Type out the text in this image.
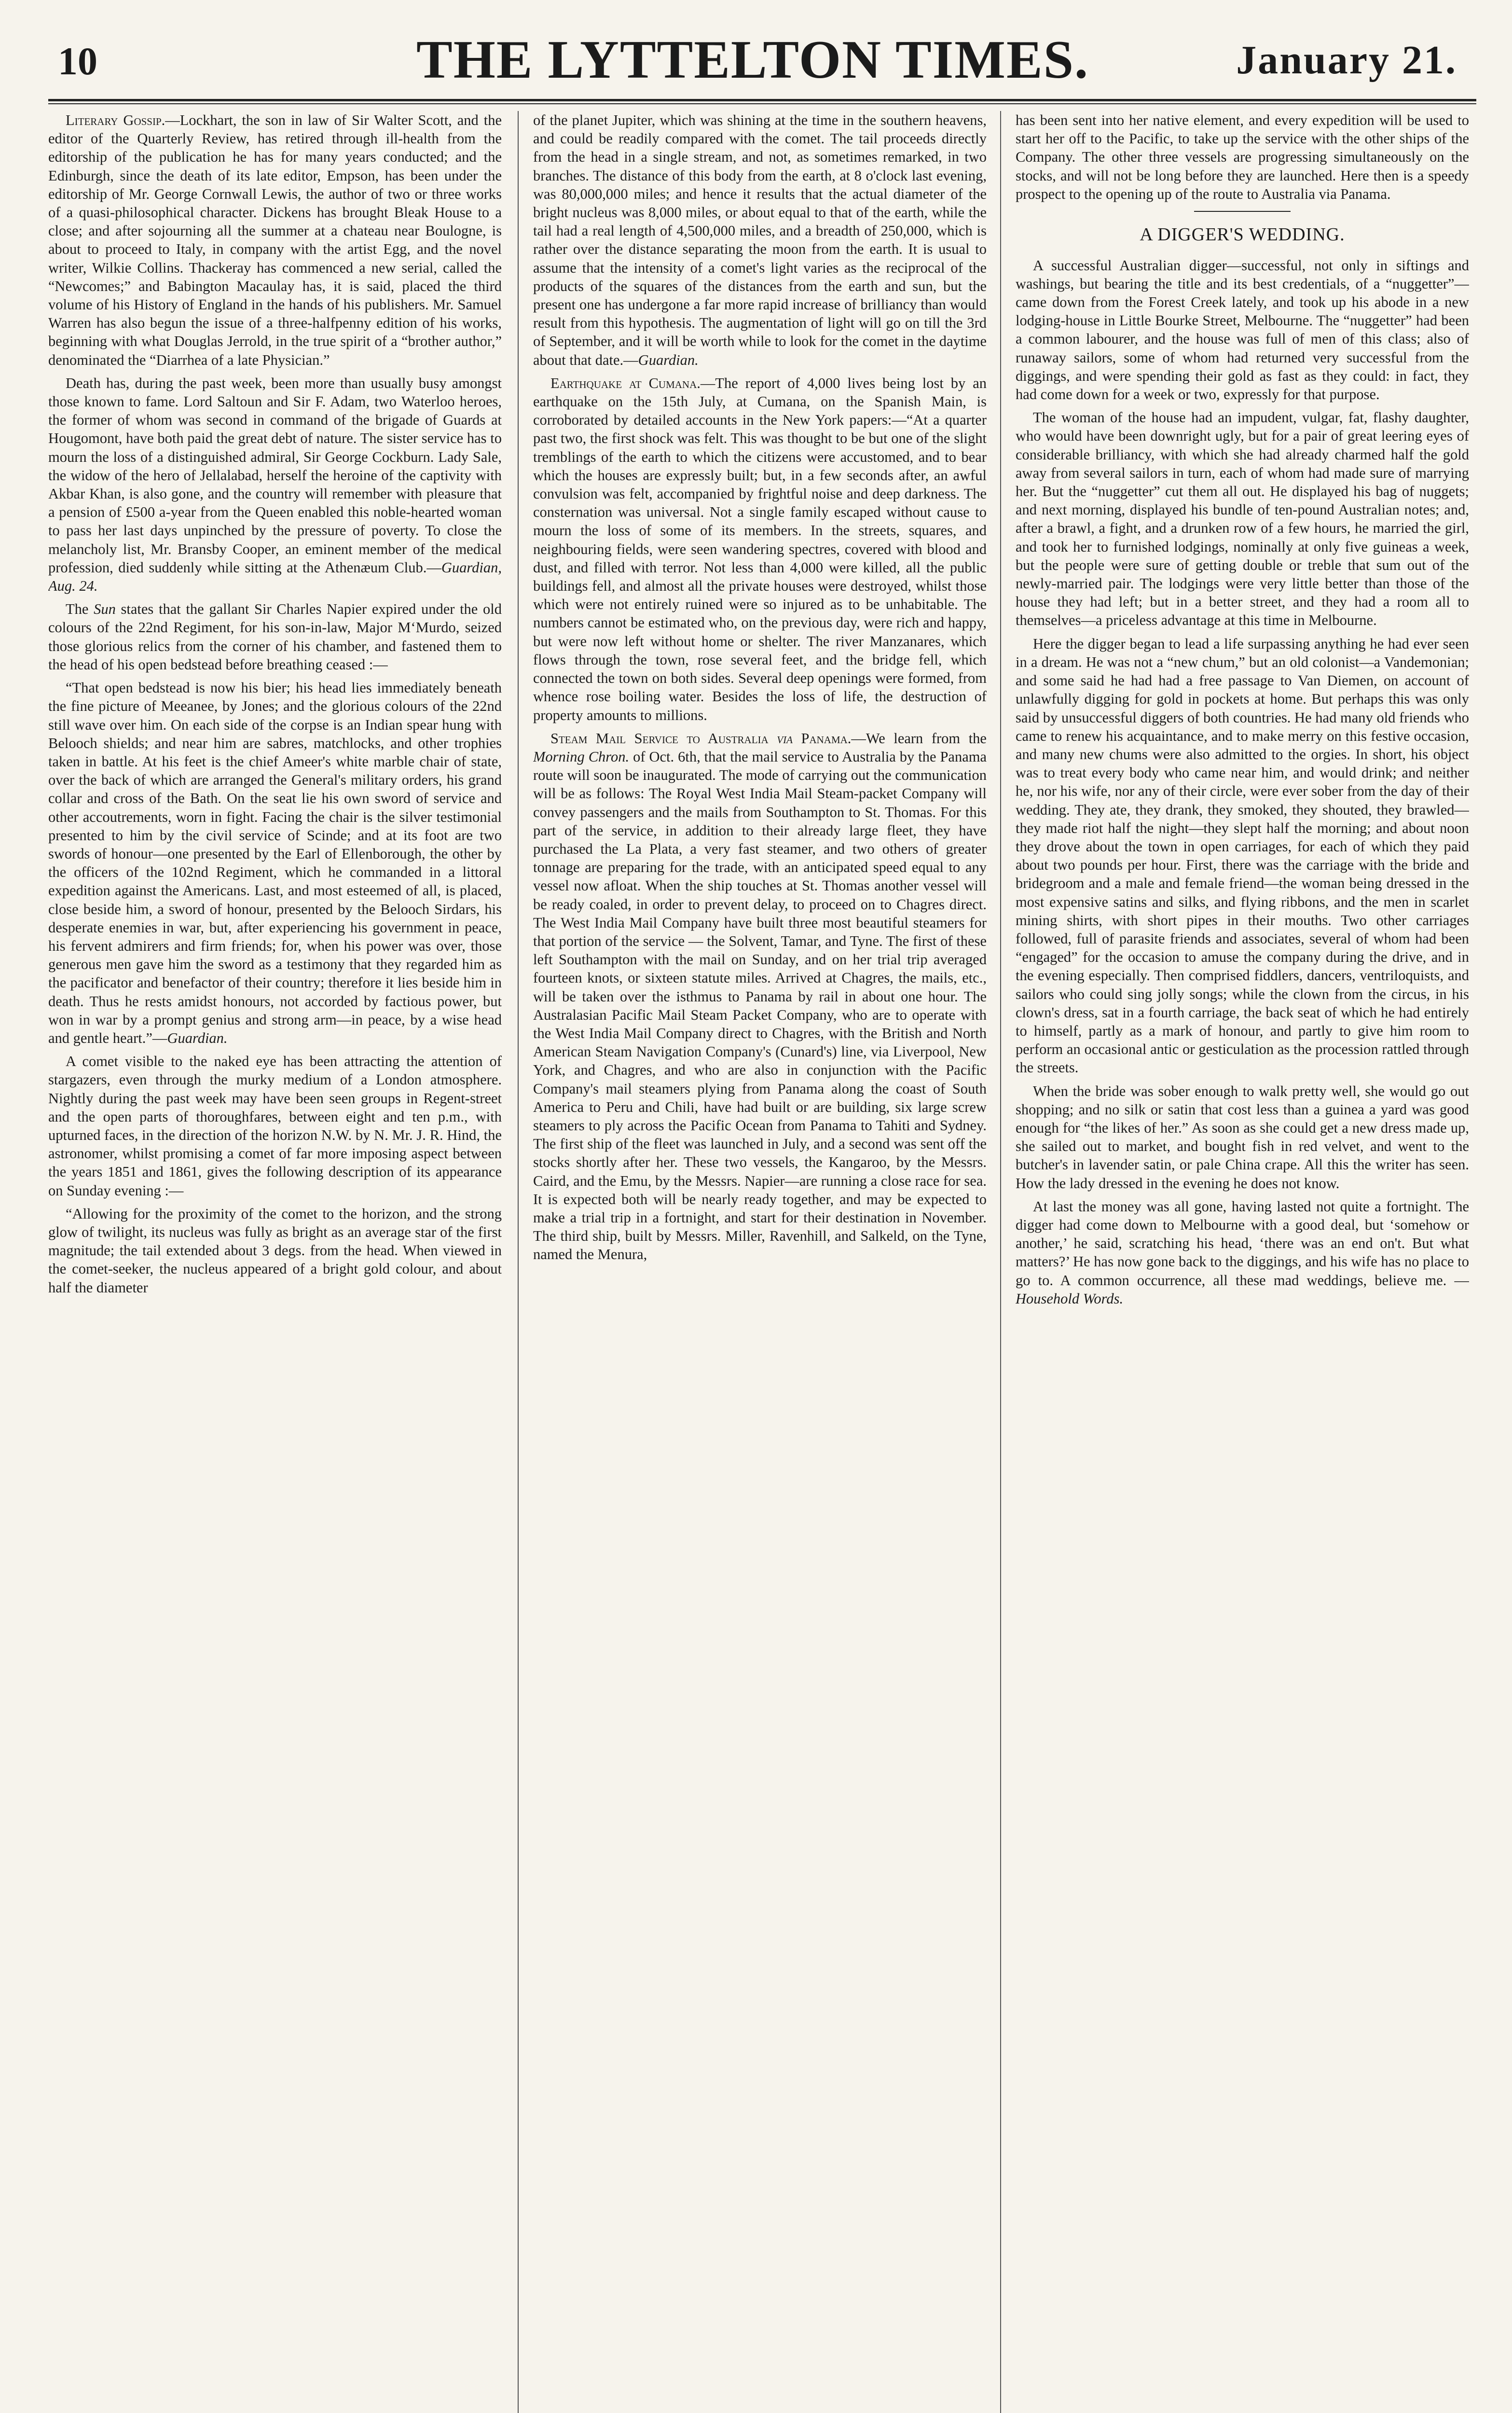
10	THE LYTTELTON TIMES.	January 21.

Literary Gossip.—Lockhart, the son in law of Sir Walter Scott, and the editor of the Quarterly Review, has retired through ill-health from the editorship of the publication he has for many years conducted; and the Edinburgh, since the death of its late editor, Empson, has been under the editorship of Mr. George Cornwall Lewis, the author of two or three works of a quasi-philosophical character. Dickens has brought Bleak House to a close; and after sojourning all the summer at a chateau near Boulogne, is about to proceed to Italy, in company with the artist Egg, and the novel writer, Wilkie Collins. Thackeray has commenced a new serial, called the “Newcomes;” and Babington Macaulay has, it is said, placed the third volume of his History of England in the hands of his publishers. Mr. Samuel Warren has also begun the issue of a three-halfpenny edition of his works, beginning with what Douglas Jerrold, in the true spirit of a “brother author,” denominated the “Diarrhea of a late Physician.”

Death has, during the past week, been more than usually busy amongst those known to fame. Lord Saltoun and Sir F. Adam, two Waterloo heroes, the former of whom was second in command of the brigade of Guards at Hougomont, have both paid the great debt of nature. The sister service has to mourn the loss of a distinguished admiral, Sir George Cockburn. Lady Sale, the widow of the hero of Jellalabad, herself the heroine of the captivity with Akbar Khan, is also gone, and the country will remember with pleasure that a pension of £500 a-year from the Queen enabled this noble-hearted woman to pass her last days unpinched by the pressure of poverty. To close the melancholy list, Mr. Bransby Cooper, an eminent member of the medical profession, died suddenly while sitting at the Athenæum Club.—Guardian, Aug. 24.

The Sun states that the gallant Sir Charles Napier expired under the old colours of the 22nd Regiment, for his son-in-law, Major M‘Murdo, seized those glorious relics from the corner of his chamber, and fastened them to the head of his open bedstead before breathing ceased :—

“That open bedstead is now his bier; his head lies immediately beneath the fine picture of Meeanee, by Jones; and the glorious colours of the 22nd still wave over him. On each side of the corpse is an Indian spear hung with Belooch shields; and near him are sabres, matchlocks, and other trophies taken in battle. At his feet is the chief Ameer's white marble chair of state, over the back of which are arranged the General's military orders, his grand collar and cross of the Bath. On the seat lie his own sword of service and other accoutrements, worn in fight. Facing the chair is the silver testimonial presented to him by the civil service of Scinde; and at its foot are two swords of honour—one presented by the Earl of Ellenborough, the other by the officers of the 102nd Regiment, which he commanded in a littoral expedition against the Americans. Last, and most esteemed of all, is placed, close beside him, a sword of honour, presented by the Belooch Sirdars, his desperate enemies in war, but, after experiencing his government in peace, his fervent admirers and firm friends; for, when his power was over, those generous men gave him the sword as a testimony that they regarded him as the pacificator and benefactor of their country; therefore it lies beside him in death. Thus he rests amidst honours, not accorded by factious power, but won in war by a prompt genius and strong arm—in peace, by a wise head and gentle heart.”—Guardian.

A comet visible to the naked eye has been attracting the attention of stargazers, even through the murky medium of a London atmosphere. Nightly during the past week may have been seen groups in Regent-street and the open parts of thoroughfares, between eight and ten p.m., with upturned faces, in the direction of the horizon N.W. by N. Mr. J. R. Hind, the astronomer, whilst promising a comet of far more imposing aspect between the years 1851 and 1861, gives the following description of its appearance on Sunday evening :—

“Allowing for the proximity of the comet to the horizon, and the strong glow of twilight, its nucleus was fully as bright as an average star of the first magnitude; the tail extended about 3 degs. from the head. When viewed in the comet-seeker, the nucleus appeared of a bright gold colour, and about half the diameter

of the planet Jupiter, which was shining at the time in the southern heavens, and could be readily compared with the comet. The tail proceeds directly from the head in a single stream, and not, as sometimes remarked, in two branches. The distance of this body from the earth, at 8 o'clock last evening, was 80,000,000 miles; and hence it results that the actual diameter of the bright nucleus was 8,000 miles, or about equal to that of the earth, while the tail had a real length of 4,500,000 miles, and a breadth of 250,000, which is rather over the distance separating the moon from the earth. It is usual to assume that the intensity of a comet's light varies as the reciprocal of the products of the squares of the distances from the earth and sun, but the present one has undergone a far more rapid increase of brilliancy than would result from this hypothesis. The augmentation of light will go on till the 3rd of September, and it will be worth while to look for the comet in the daytime about that date.—Guardian.

Earthquake at Cumana.—The report of 4,000 lives being lost by an earthquake on the 15th July, at Cumana, on the Spanish Main, is corroborated by detailed accounts in the New York papers:—“At a quarter past two, the first shock was felt. This was thought to be but one of the slight tremblings of the earth to which the citizens were accustomed, and to bear which the houses are expressly built; but, in a few seconds after, an awful convulsion was felt, accompanied by frightful noise and deep darkness. The consternation was universal. Not a single family escaped without cause to mourn the loss of some of its members. In the streets, squares, and neighbouring fields, were seen wandering spectres, covered with blood and dust, and filled with terror. Not less than 4,000 were killed, all the public buildings fell, and almost all the private houses were destroyed, whilst those which were not entirely ruined were so injured as to be unhabitable. The numbers cannot be estimated who, on the previous day, were rich and happy, but were now left without home or shelter. The river Manzanares, which flows through the town, rose several feet, and the bridge fell, which connected the town on both sides. Several deep openings were formed, from whence rose boiling water. Besides the loss of life, the destruction of property amounts to millions.

Steam Mail Service to Australia via Panama.—We learn from the Morning Chron. of Oct. 6th, that the mail service to Australia by the Panama route will soon be inaugurated. The mode of carrying out the communication will be as follows: The Royal West India Mail Steam-packet Company will convey passengers and the mails from Southampton to St. Thomas. For this part of the service, in addition to their already large fleet, they have purchased the La Plata, a very fast steamer, and two others of greater tonnage are preparing for the trade, with an anticipated speed equal to any vessel now afloat. When the ship touches at St. Thomas another vessel will be ready coaled, in order to prevent delay, to proceed on to Chagres direct. The West India Mail Company have built three most beautiful steamers for that portion of the service — the Solvent, Tamar, and Tyne. The first of these left Southampton with the mail on Sunday, and on her trial trip averaged fourteen knots, or sixteen statute miles. Arrived at Chagres, the mails, etc., will be taken over the isthmus to Panama by rail in about one hour. The Australasian Pacific Mail Steam Packet Company, who are to operate with the West India Mail Company direct to Chagres, with the British and North American Steam Navigation Company's (Cunard's) line, via Liverpool, New York, and Chagres, and who are also in conjunction with the Pacific Company's mail steamers plying from Panama along the coast of South America to Peru and Chili, have had built or are building, six large screw steamers to ply across the Pacific Ocean from Panama to Tahiti and Sydney. The first ship of the fleet was launched in July, and a second was sent off the stocks shortly after her. These two vessels, the Kangaroo, by the Messrs. Caird, and the Emu, by the Messrs. Napier—are running a close race for sea. It is expected both will be nearly ready together, and may be expected to make a trial trip in a fortnight, and start for their destination in November. The third ship, built by Messrs. Miller, Ravenhill, and Salkeld, on the Tyne, named the Menura,

has been sent into her native element, and every expedition will be used to start her off to the Pacific, to take up the service with the other ships of the Company. The other three vessels are progressing simultaneously on the stocks, and will not be long before they are launched. Here then is a speedy prospect to the opening up of the route to Australia via Panama.

A DIGGER'S WEDDING.

A successful Australian digger—successful, not only in siftings and washings, but bearing the title and its best credentials, of a “nuggetter”—came down from the Forest Creek lately, and took up his abode in a new lodging-house in Little Bourke Street, Melbourne. The “nuggetter” had been a common labourer, and the house was full of men of this class; also of runaway sailors, some of whom had returned very successful from the diggings, and were spending their gold as fast as they could: in fact, they had come down for a week or two, expressly for that purpose.

The woman of the house had an impudent, vulgar, fat, flashy daughter, who would have been downright ugly, but for a pair of great leering eyes of considerable brilliancy, with which she had already charmed half the gold away from several sailors in turn, each of whom had made sure of marrying her. But the “nuggetter” cut them all out. He displayed his bag of nuggets; and next morning, displayed his bundle of ten-pound Australian notes; and, after a brawl, a fight, and a drunken row of a few hours, he married the girl, and took her to furnished lodgings, nominally at only five guineas a week, but the people were sure of getting double or treble that sum out of the newly-married pair. The lodgings were very little better than those of the house they had left; but in a better street, and they had a room all to themselves—a priceless advantage at this time in Melbourne.

Here the digger began to lead a life surpassing anything he had ever seen in a dream. He was not a “new chum,” but an old colonist—a Vandemonian; and some said he had had a free passage to Van Diemen, on account of unlawfully digging for gold in pockets at home. But perhaps this was only said by unsuccessful diggers of both countries. He had many old friends who came to renew his acquaintance, and to make merry on this festive occasion, and many new chums were also admitted to the orgies. In short, his object was to treat every body who came near him, and would drink; and neither he, nor his wife, nor any of their circle, were ever sober from the day of their wedding. They ate, they drank, they smoked, they shouted, they brawled—they made riot half the night—they slept half the morning; and about noon they drove about the town in open carriages, for each of which they paid about two pounds per hour. First, there was the carriage with the bride and bridegroom and a male and female friend—the woman being dressed in the most expensive satins and silks, and flying ribbons, and the men in scarlet mining shirts, with short pipes in their mouths. Two other carriages followed, full of parasite friends and associates, several of whom had been “engaged” for the occasion to amuse the company during the drive, and in the evening especially. Then comprised fiddlers, dancers, ventriloquists, and sailors who could sing jolly songs; while the clown from the circus, in his clown's dress, sat in a fourth carriage, the back seat of which he had entirely to himself, partly as a mark of honour, and partly to give him room to perform an occasional antic or gesticulation as the procession rattled through the streets.

When the bride was sober enough to walk pretty well, she would go out shopping; and no silk or satin that cost less than a guinea a yard was good enough for “the likes of her.” As soon as she could get a new dress made up, she sailed out to market, and bought fish in red velvet, and went to the butcher's in lavender satin, or pale China crape. All this the writer has seen. How the lady dressed in the evening he does not know.

At last the money was all gone, having lasted not quite a fortnight. The digger had come down to Melbourne with a good deal, but ‘somehow or another,’ he said, scratching his head, ‘there was an end on't. But what matters?’ He has now gone back to the diggings, and his wife has no place to go to. A common occurrence, all these mad weddings, believe me. —Household Words.
